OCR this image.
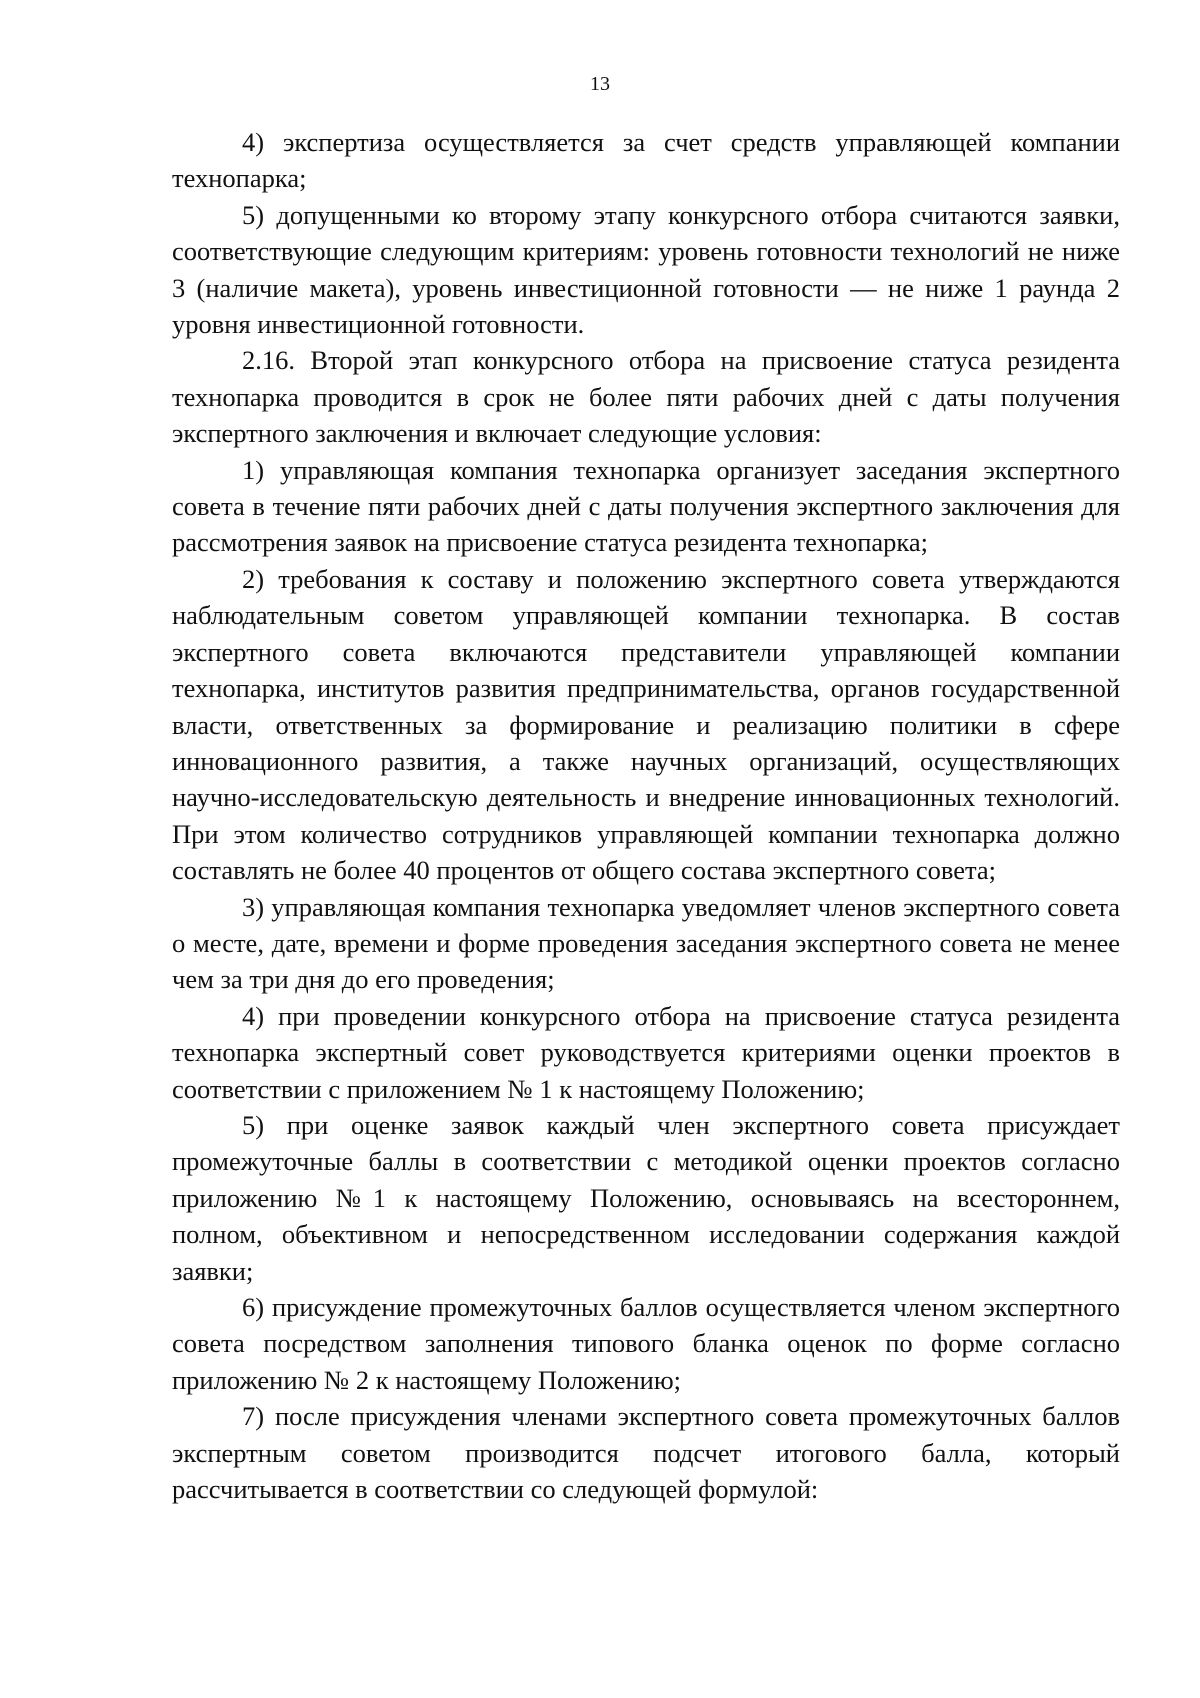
13

4) экспертиза осуществляется за счет средств управляющей компании технопарка;

5) допущенными ко второму этапу конкурсного отбора считаются заявки, соответствующие следующим критериям: уровень готовности технологий не ниже 3 (наличие макета), уровень инвестиционной готовности — не ниже 1 раунда 2 уровня инвестиционной готовности.

2.16. Второй этап конкурсного отбора на присвоение статуса резидента технопарка проводится в срок не более пяти рабочих дней с даты получения экспертного заключения и включает следующие условия:

1) управляющая компания технопарка организует заседания экспертного совета в течение пяти рабочих дней с даты получения экспертного заключения для рассмотрения заявок на присвоение статуса резидента технопарка;

2) требования к составу и положению экспертного совета утверждаются наблюдательным советом управляющей компании технопарка. В состав экспертного совета включаются представители управляющей компании технопарка, институтов развития предпринимательства, органов государственной власти, ответственных за формирование и реализацию политики в сфере инновационного развития, а также научных организаций, осуществляющих научно-исследовательскую деятельность и внедрение инновационных технологий. При этом количество сотрудников управляющей компании технопарка должно составлять не более 40 процентов от общего состава экспертного совета;

3) управляющая компания технопарка уведомляет членов экспертного совета о месте, дате, времени и форме проведения заседания экспертного совета не менее чем за три дня до его проведения;

4) при проведении конкурсного отбора на присвоение статуса резидента технопарка экспертный совет руководствуется критериями оценки проектов в соответствии с приложением № 1 к настоящему Положению;

5) при оценке заявок каждый член экспертного совета присуждает промежуточные баллы в соответствии с методикой оценки проектов согласно приложению №1 к настоящему Положению, основываясь на всестороннем, полном, объективном и непосредственном исследовании содержания каждой заявки;

6) присуждение промежуточных баллов осуществляется членом экспертного совета посредством заполнения типового бланка оценок по форме согласно приложению № 2 к настоящему Положению;

7) после присуждения членами экспертного совета промежуточных баллов экспертным советом производится подсчет итогового балла, который рассчитывается в соответствии со следующей формулой:
